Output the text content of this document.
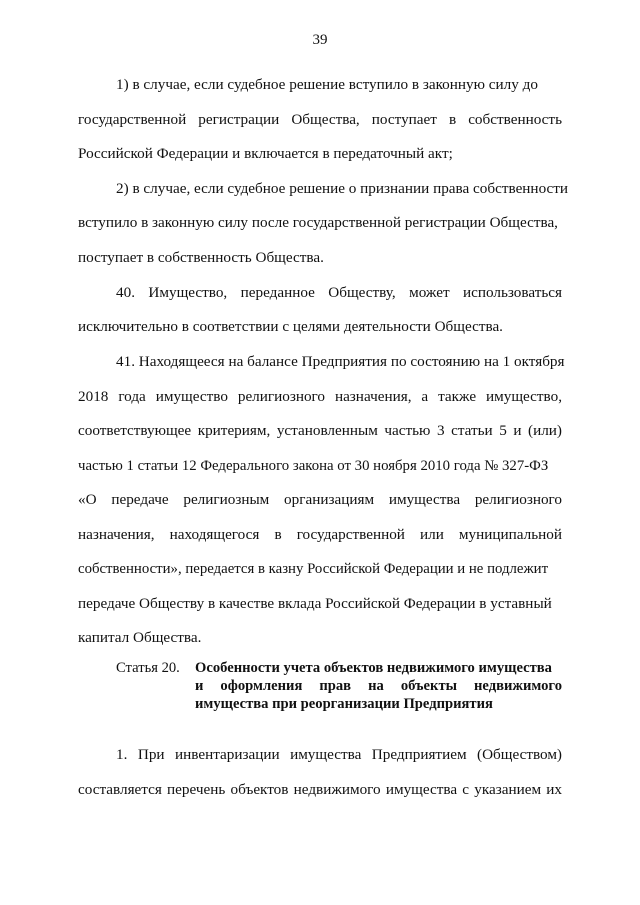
39
1) в случае, если судебное решение вступило в законную силу до
государственной регистрации Общества, поступает в собственность
Российской Федерации и включается в передаточный акт;
2) в случае, если судебное решение о признании права собственности
вступило в законную силу после государственной регистрации Общества,
поступает в собственность Общества.
40. Имущество, переданное Обществу, может использоваться
исключительно в соответствии с целями деятельности Общества.
41. Находящееся на балансе Предприятия по состоянию на 1 октября
2018 года имущество религиозного назначения, а также имущество,
соответствующее критериям, установленным частью 3 статьи 5 и (или)
частью 1 статьи 12 Федерального закона от 30 ноября 2010 года № 327-ФЗ
«О передаче религиозным организациям имущества религиозного
назначения, находящегося в государственной или муниципальной
собственности», передается в казну Российской Федерации и не подлежит
передаче Обществу в качестве вклада Российской Федерации в уставный
капитал Общества.
Статья 20. Особенности учета объектов недвижимого имущества
и оформления прав на объекты недвижимого
имущества при реорганизации Предприятия
1. При инвентаризации имущества Предприятием (Обществом)
составляется перечень объектов недвижимого имущества с указанием их
